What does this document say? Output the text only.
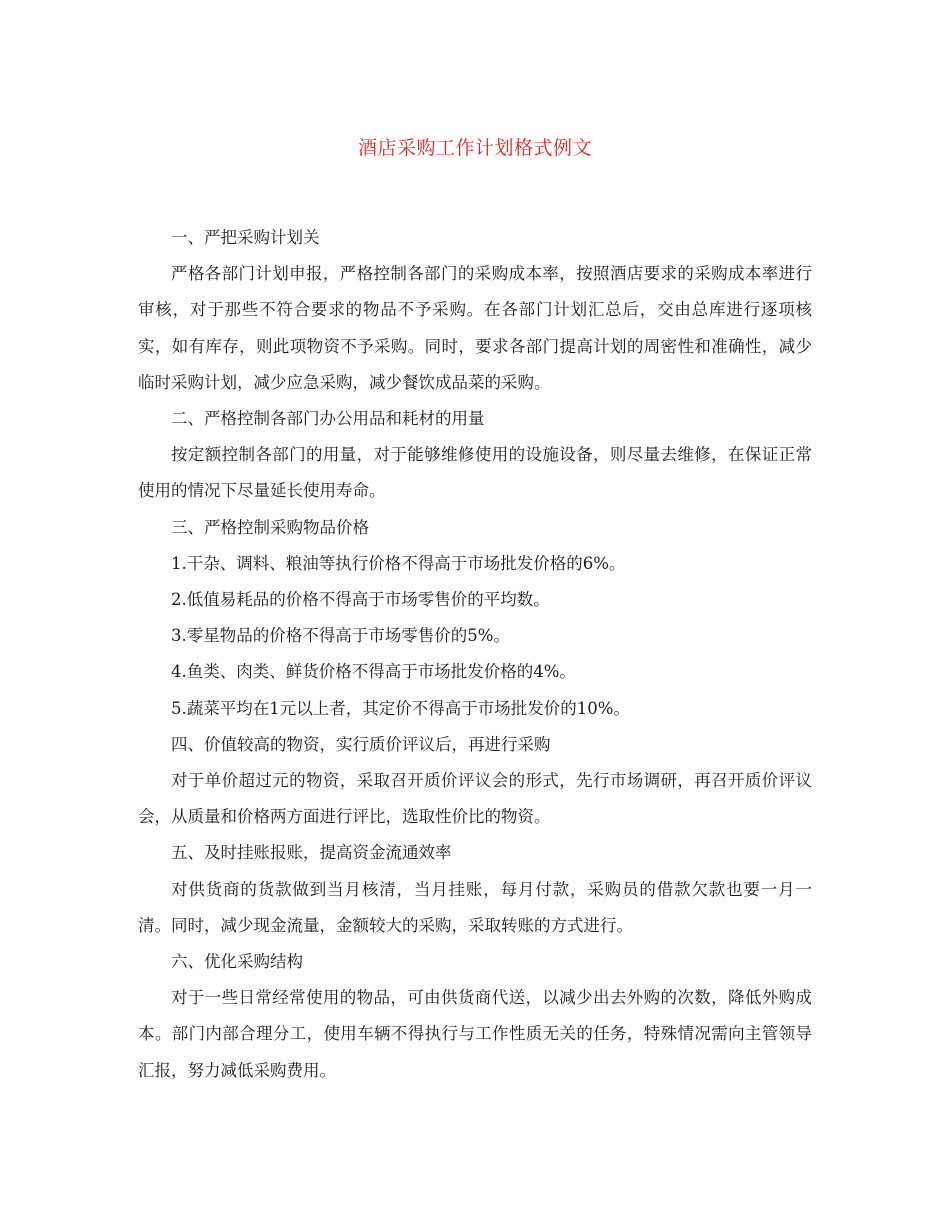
酒店采购工作计划格式例文

一、严把采购计划关

严格各部门计划申报，严格控制各部门的采购成本率，按照酒店要求的采购成本率进行审核，对于那些不符合要求的物品不予采购。在各部门计划汇总后，交由总库进行逐项核实，如有库存，则此项物资不予采购。同时，要求各部门提高计划的周密性和准确性，减少临时采购计划，减少应急采购，减少餐饮成品菜的采购。

二、严格控制各部门办公用品和耗材的用量

按定额控制各部门的用量，对于能够维修使用的设施设备，则尽量去维修，在保证正常使用的情况下尽量延长使用寿命。

三、严格控制采购物品价格

1.干杂、调料、粮油等执行价格不得高于市场批发价格的6%。

2.低值易耗品的价格不得高于市场零售价的平均数。

3.零星物品的价格不得高于市场零售价的5%。

4.鱼类、肉类、鲜货价格不得高于市场批发价格的4%。

5.蔬菜平均在1元以上者，其定价不得高于市场批发价的10%。

四、价值较高的物资，实行质价评议后，再进行采购

对于单价超过元的物资，采取召开质价评议会的形式，先行市场调研，再召开质价评议会，从质量和价格两方面进行评比，选取性价比的物资。

五、及时挂账报账，提高资金流通效率

对供货商的货款做到当月核清，当月挂账，每月付款，采购员的借款欠款也要一月一清。同时，减少现金流量，金额较大的采购，采取转账的方式进行。

六、优化采购结构

对于一些日常经常使用的物品，可由供货商代送，以减少出去外购的次数，降低外购成本。部门内部合理分工，使用车辆不得执行与工作性质无关的任务，特殊情况需向主管领导汇报，努力减低采购费用。
